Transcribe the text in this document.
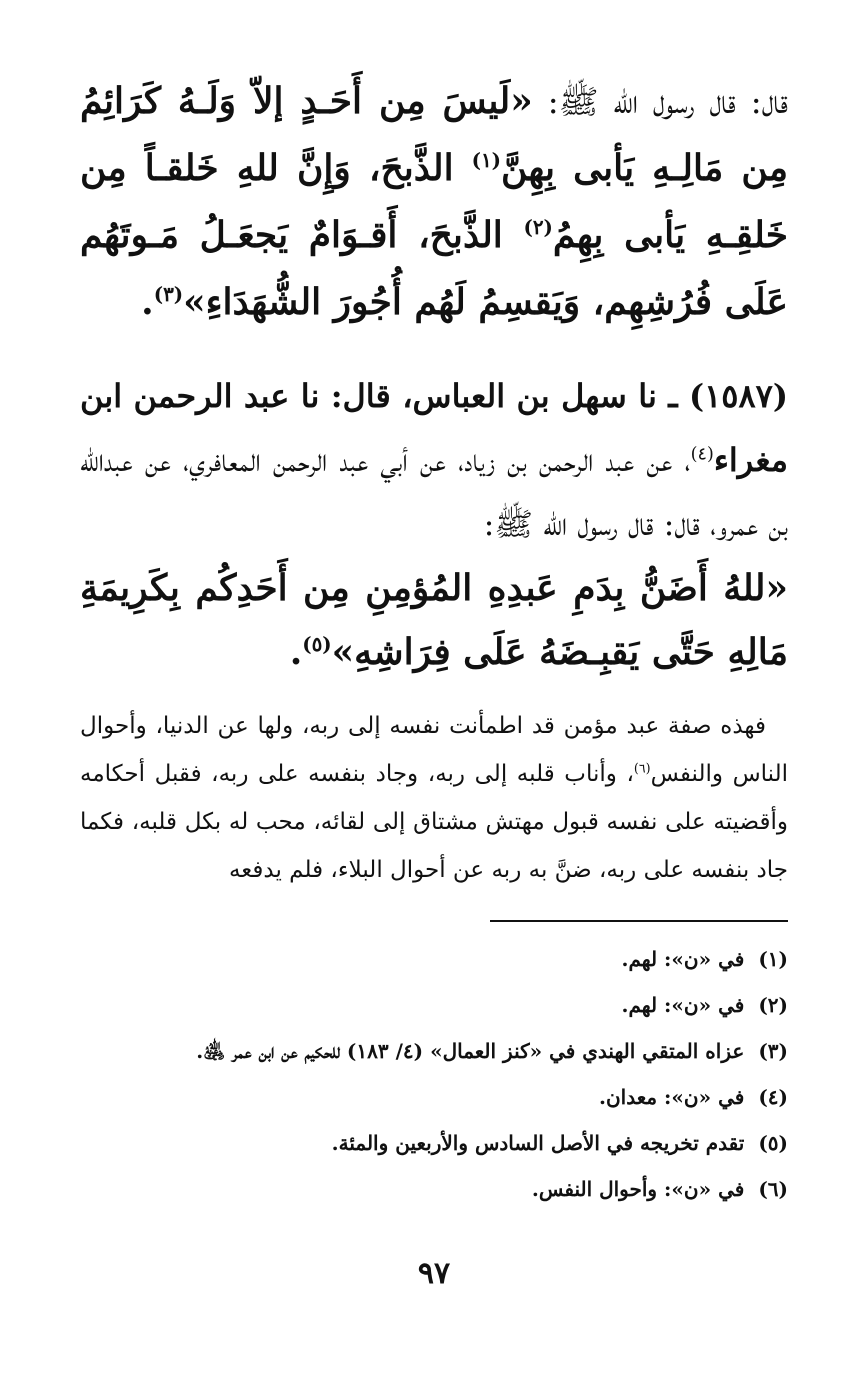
قال: قال رسول الله ﷺ: «لَيسَ مِن أَحَـدٍ إلاّ وَلَـهُ كَرَائِمُ مِن مَالِـهِ يَأبى بِهِنَّ$^{(١)}$ الذَّبحَ، وَإِنَّ للهِ خَلقـاً مِن خَلقِـهِ يَأبى بِهِمُ$^{(٢)}$ الذَّبحَ، أَقـوَامٌ يَجعَـلُ مَـوتَهُم عَلَى فُرُشِهِم، وَيَقسِمُ لَهُم أُجُورَ الشُّهَدَاءِ»$^{(٣)}$.

(١٥٨٧) ـ نا سهل بن العباس، قال: نا عبد الرحمن ابن مغراء$^{(٤)}$، عن عبد الرحمن بن زياد، عن أبي عبد الرحمن المعافري، عن عبدالله بن عمرو، قال: قال رسول الله ﷺ:

«للهُ أَضَنُّ بِدَمِ عَبدِهِ المُؤمِنِ مِن أَحَدِكُم بِكَرِيمَةِ مَالِهِ حَتَّى يَقبِـضَهُ عَلَى فِرَاشِهِ»$^{(٥)}$.

فهذه صفة عبد مؤمن قد اطمأنت نفسه إلى ربه، ولها عن الدنيا، وأحوال الناس والنفس$^{(٦)}$، وأناب قلبه إلى ربه، وجاد بنفسه على ربه، فقبل أحكامه وأقضيته على نفسه قبول مهتش مشتاق إلى لقائه، محب له بكل قلبه، فكما جاد بنفسه على ربه، ضنَّ به ربه عن أحوال البلاء، فلم يدفعه

(١)في «ن»: لهم.
(٢)في «ن»: لهم.
(٣)عزاه المتقي الهندي في «كنز العمال» (٤/ ١٨٣) للحكيم عن ابن عمر ﵁.
(٤)في «ن»: معدان.
(٥)تقدم تخريجه في الأصل السادس والأربعين والمئة.
(٦)في «ن»: وأحوال النفس.
٩٧
